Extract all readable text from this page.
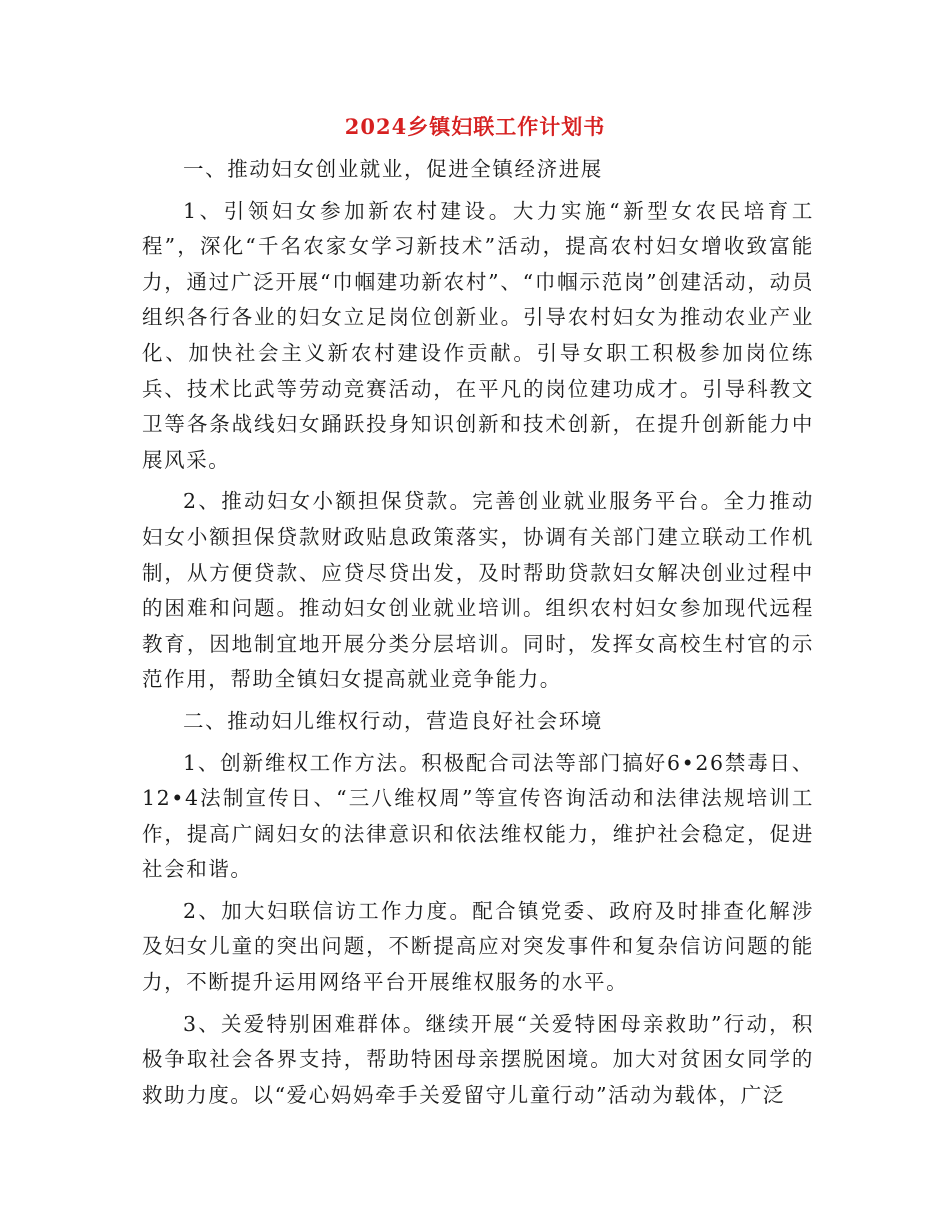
2024乡镇妇联工作计划书

一、推动妇女创业就业，促进全镇经济进展

1、引领妇女参加新农村建设。大力实施“新型女农民培育工程”，深化“千名农家女学习新技术”活动，提高农村妇女增收致富能力，通过广泛开展“巾帼建功新农村”、“巾帼示范岗”创建活动，动员组织各行各业的妇女立足岗位创新业。引导农村妇女为推动农业产业化、加快社会主义新农村建设作贡献。引导女职工积极参加岗位练兵、技术比武等劳动竞赛活动，在平凡的岗位建功成才。引导科教文卫等各条战线妇女踊跃投身知识创新和技术创新，在提升创新能力中展风采。

2、推动妇女小额担保贷款。完善创业就业服务平台。全力推动妇女小额担保贷款财政贴息政策落实，协调有关部门建立联动工作机制，从方便贷款、应贷尽贷出发，及时帮助贷款妇女解决创业过程中的困难和问题。推动妇女创业就业培训。组织农村妇女参加现代远程教育，因地制宜地开展分类分层培训。同时，发挥女高校生村官的示范作用，帮助全镇妇女提高就业竞争能力。

二、推动妇儿维权行动，营造良好社会环境

1、创新维权工作方法。积极配合司法等部门搞好6•26禁毒日、12•4法制宣传日、“三八维权周”等宣传咨询活动和法律法规培训工作，提高广阔妇女的法律意识和依法维权能力，维护社会稳定，促进社会和谐。

2、加大妇联信访工作力度。配合镇党委、政府及时排查化解涉及妇女儿童的突出问题，不断提高应对突发事件和复杂信访问题的能力，不断提升运用网络平台开展维权服务的水平。

3、关爱特别困难群体。继续开展“关爱特困母亲救助”行动，积极争取社会各界支持，帮助特困母亲摆脱困境。加大对贫困女同学的救助力度。以“爱心妈妈牵手关爱留守儿童行动”活动为载体，广泛
